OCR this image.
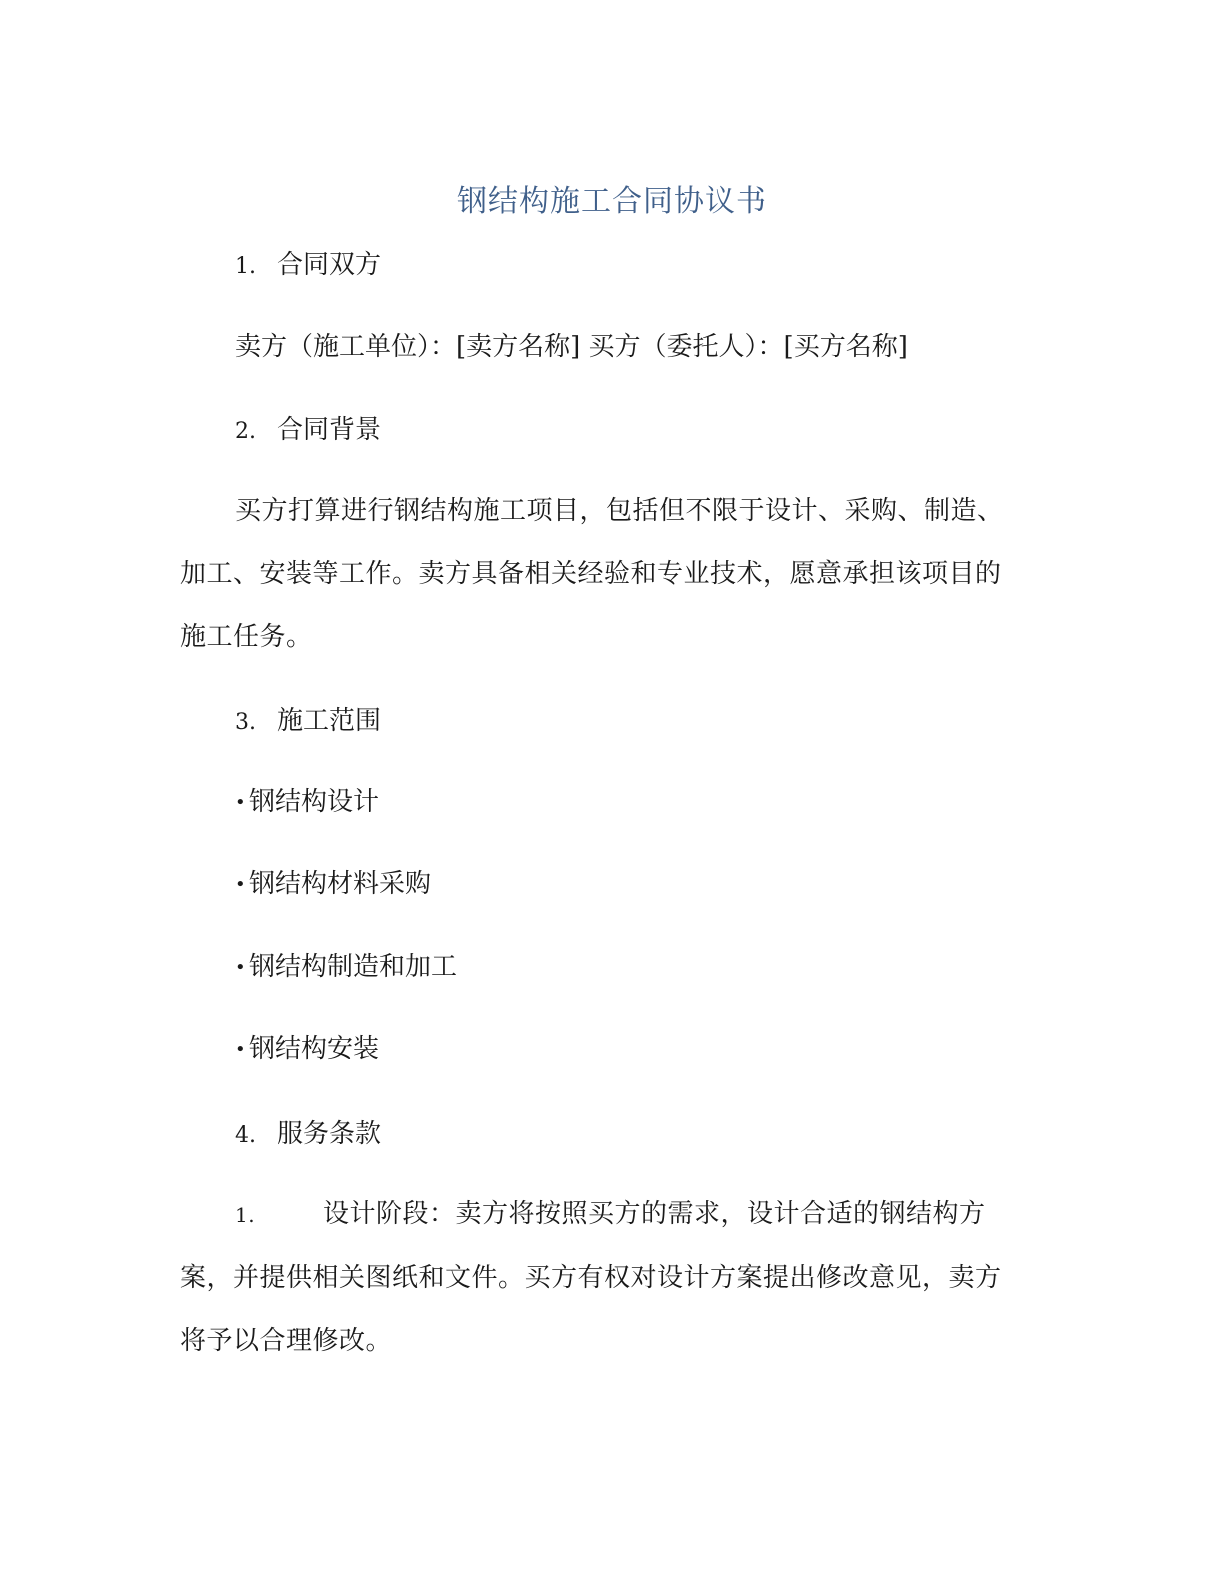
钢结构施工合同协议书
1. 合同双方
卖方（施工单位）：[卖方名称] 买方（委托人）：[买方名称]
2. 合同背景
买方打算进行钢结构施工项目，包括但不限于设计、采购、制造、加工、安装等工作。卖方具备相关经验和专业技术，愿意承担该项目的施工任务。
3. 施工范围
• 钢结构设计
• 钢结构材料采购
• 钢结构制造和加工
• 钢结构安装
4. 服务条款
1.	设计阶段：卖方将按照买方的需求，设计合适的钢结构方案，并提供相关图纸和文件。买方有权对设计方案提出修改意见，卖方将予以合理修改。
